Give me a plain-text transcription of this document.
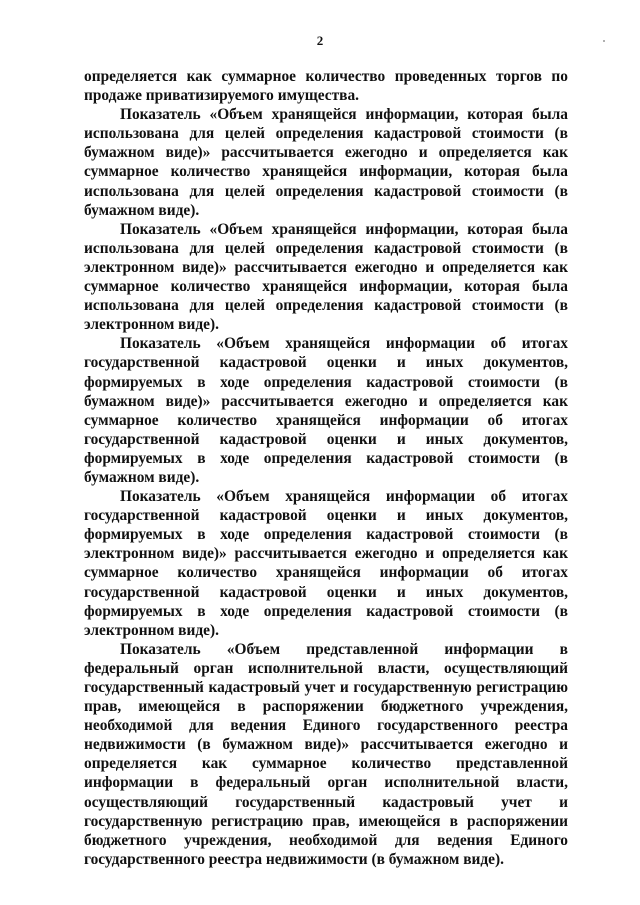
2

определяется как суммарное количество проведенных торгов по продаже приватизируемого имущества.

Показатель «Объем хранящейся информации, которая была использована для целей определения кадастровой стоимости (в бумажном виде)» рассчитывается ежегодно и определяется как суммарное количество хранящейся информации, которая была использована для целей определения кадастровой стоимости (в бумажном виде).

Показатель «Объем хранящейся информации, которая была использована для целей определения кадастровой стоимости (в электронном виде)» рассчитывается ежегодно и определяется как суммарное количество хранящейся информации, которая была использована для целей определения кадастровой стоимости (в электронном виде).

Показатель «Объем хранящейся информации об итогах государственной кадастровой оценки и иных документов, формируемых в ходе определения кадастровой стоимости (в бумажном виде)» рассчитывается ежегодно и определяется как суммарное количество хранящейся информации об итогах государственной кадастровой оценки и иных документов, формируемых в ходе определения кадастровой стоимости (в бумажном виде).

Показатель «Объем хранящейся информации об итогах государственной кадастровой оценки и иных документов, формируемых в ходе определения кадастровой стоимости (в электронном виде)» рассчитывается ежегодно и определяется как суммарное количество хранящейся информации об итогах государственной кадастровой оценки и иных документов, формируемых в ходе определения кадастровой стоимости (в электронном виде).

Показатель «Объем представленной информации в федеральный орган исполнительной власти, осуществляющий государственный кадастровый учет и государственную регистрацию прав, имеющейся в распоряжении бюджетного учреждения, необходимой для ведения Единого государственного реестра недвижимости (в бумажном виде)» рассчитывается ежегодно и определяется как суммарное количество представленной информации в федеральный орган исполнительной власти, осуществляющий государственный кадастровый учет и государственную регистрацию прав, имеющейся в распоряжении бюджетного учреждения, необходимой для ведения Единого государственного реестра недвижимости (в бумажном виде).
